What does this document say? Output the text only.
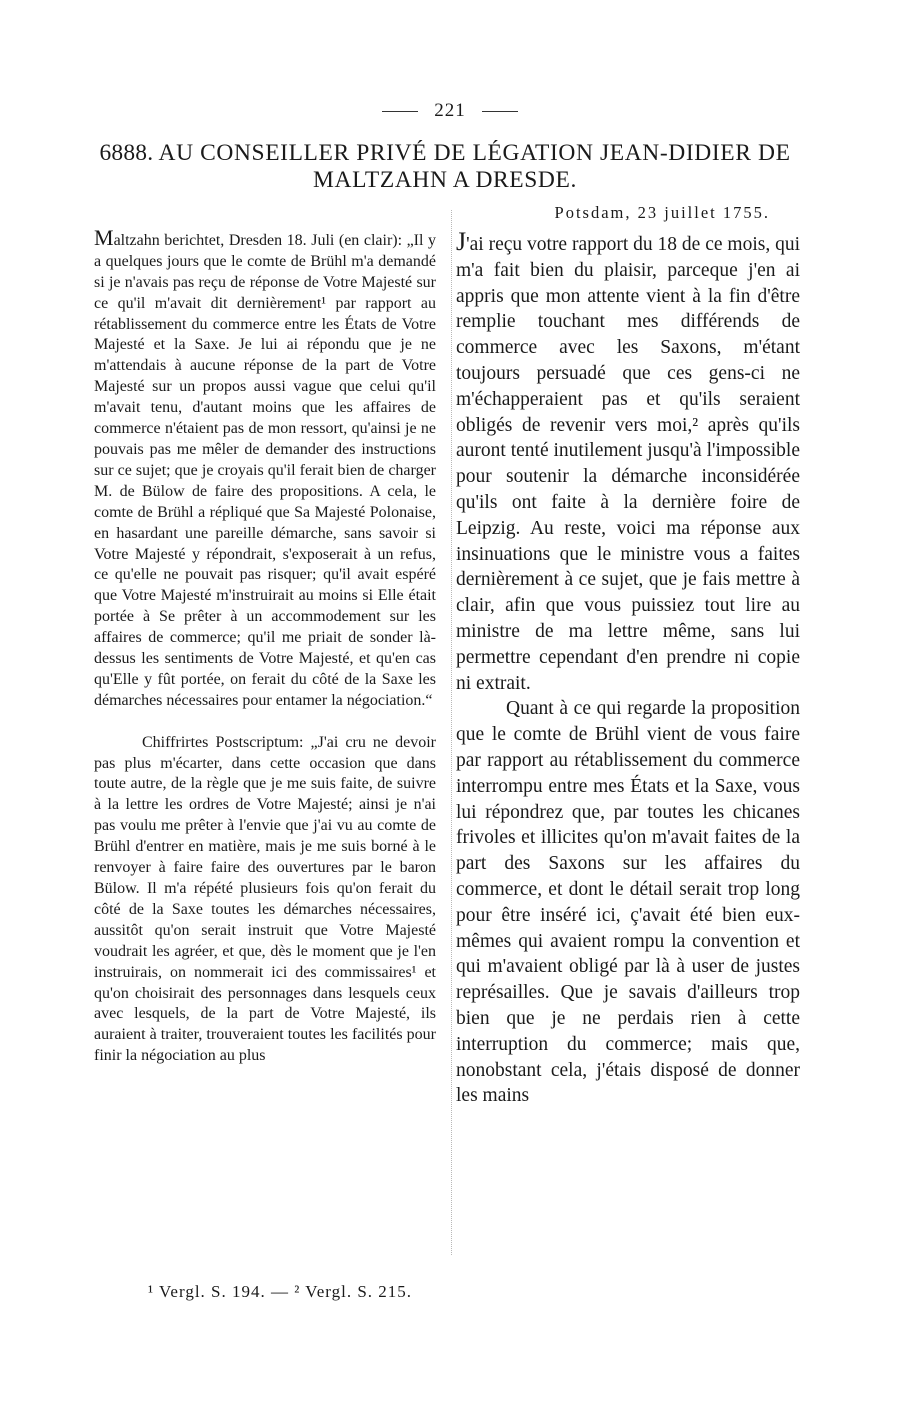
221
6888. AU CONSEILLER PRIVÉ DE LÉGATION JEAN-DIDIER DE MALTZAHN A DRESDE.

Maltzahn berichtet, Dresden 18. Juli (en clair): „Il y a quelques jours que le comte de Brühl m'a demandé si je n'avais pas reçu de réponse de Votre Majesté sur ce qu'il m'avait dit dernièrement¹ par rapport au rétablissement du commerce entre les États de Votre Majesté et la Saxe. Je lui ai répondu que je ne m'attendais à aucune réponse de la part de Votre Majesté sur un propos aussi vague que celui qu'il m'avait tenu, d'autant moins que les affaires de commerce n'étaient pas de mon ressort, qu'ainsi je ne pouvais pas me mêler de demander des instructions sur ce sujet; que je croyais qu'il ferait bien de charger M. de Bülow de faire des propositions. A cela, le comte de Brühl a répliqué que Sa Majesté Polonaise, en hasardant une pareille démarche, sans savoir si Votre Majesté y répondrait, s'exposerait à un refus, ce qu'elle ne pouvait pas risquer; qu'il avait espéré que Votre Majesté m'instruirait au moins si Elle était portée à Se prêter à un accommodement sur les affaires de commerce; qu'il me priait de sonder là-dessus les sentiments de Votre Majesté, et qu'en cas qu'Elle y fût portée, on ferait du côté de la Saxe les démarches nécessaires pour entamer la négociation.“

Chiffrirtes Postscriptum: „J'ai cru ne devoir pas plus m'écarter, dans cette occasion que dans toute autre, de la règle que je me suis faite, de suivre à la lettre les ordres de Votre Majesté; ainsi je n'ai pas voulu me prêter à l'envie que j'ai vu au comte de Brühl d'entrer en matière, mais je me suis borné à le renvoyer à faire faire des ouvertures par le baron Bülow. Il m'a répété plusieurs fois qu'on ferait du côté de la Saxe toutes les démarches nécessaires, aussitôt qu'on serait instruit que Votre Majesté voudrait les agréer, et que, dès le moment que je l'en instruirais, on nommerait ici des commissaires¹ et qu'on choisirait des personnages dans lesquels ceux avec lesquels, de la part de Votre Majesté, ils auraient à traiter, trouveraient toutes les facilités pour finir la négociation au plus

Potsdam, 23 juillet 1755.

J'ai reçu votre rapport du 18 de ce mois, qui m'a fait bien du plaisir, parceque j'en ai appris que mon attente vient à la fin d'être remplie touchant mes différends de commerce avec les Saxons, m'étant toujours persuadé que ces gens-ci ne m'échapperaient pas et qu'ils seraient obligés de revenir vers moi,² après qu'ils auront tenté inutilement jusqu'à l'impossible pour soutenir la démarche inconsidérée qu'ils ont faite à la dernière foire de Leipzig. Au reste, voici ma réponse aux insinuations que le ministre vous a faites dernièrement à ce sujet, que je fais mettre à clair, afin que vous puissiez tout lire au ministre de ma lettre même, sans lui permettre cependant d'en prendre ni copie ni extrait.

Quant à ce qui regarde la proposition que le comte de Brühl vient de vous faire par rapport au rétablissement du commerce interrompu entre mes États et la Saxe, vous lui répondrez que, par toutes les chicanes frivoles et illicites qu'on m'avait faites de la part des Saxons sur les affaires du commerce, et dont le détail serait trop long pour être inséré ici, ç'avait été bien eux-mêmes qui avaient rompu la convention et qui m'avaient obligé par là à user de justes représailles. Que je savais d'ailleurs trop bien que je ne perdais rien à cette interruption du commerce; mais que, nonobstant cela, j'étais disposé de donner les mains

¹ Vergl. S. 194. — ² Vergl. S. 215.
